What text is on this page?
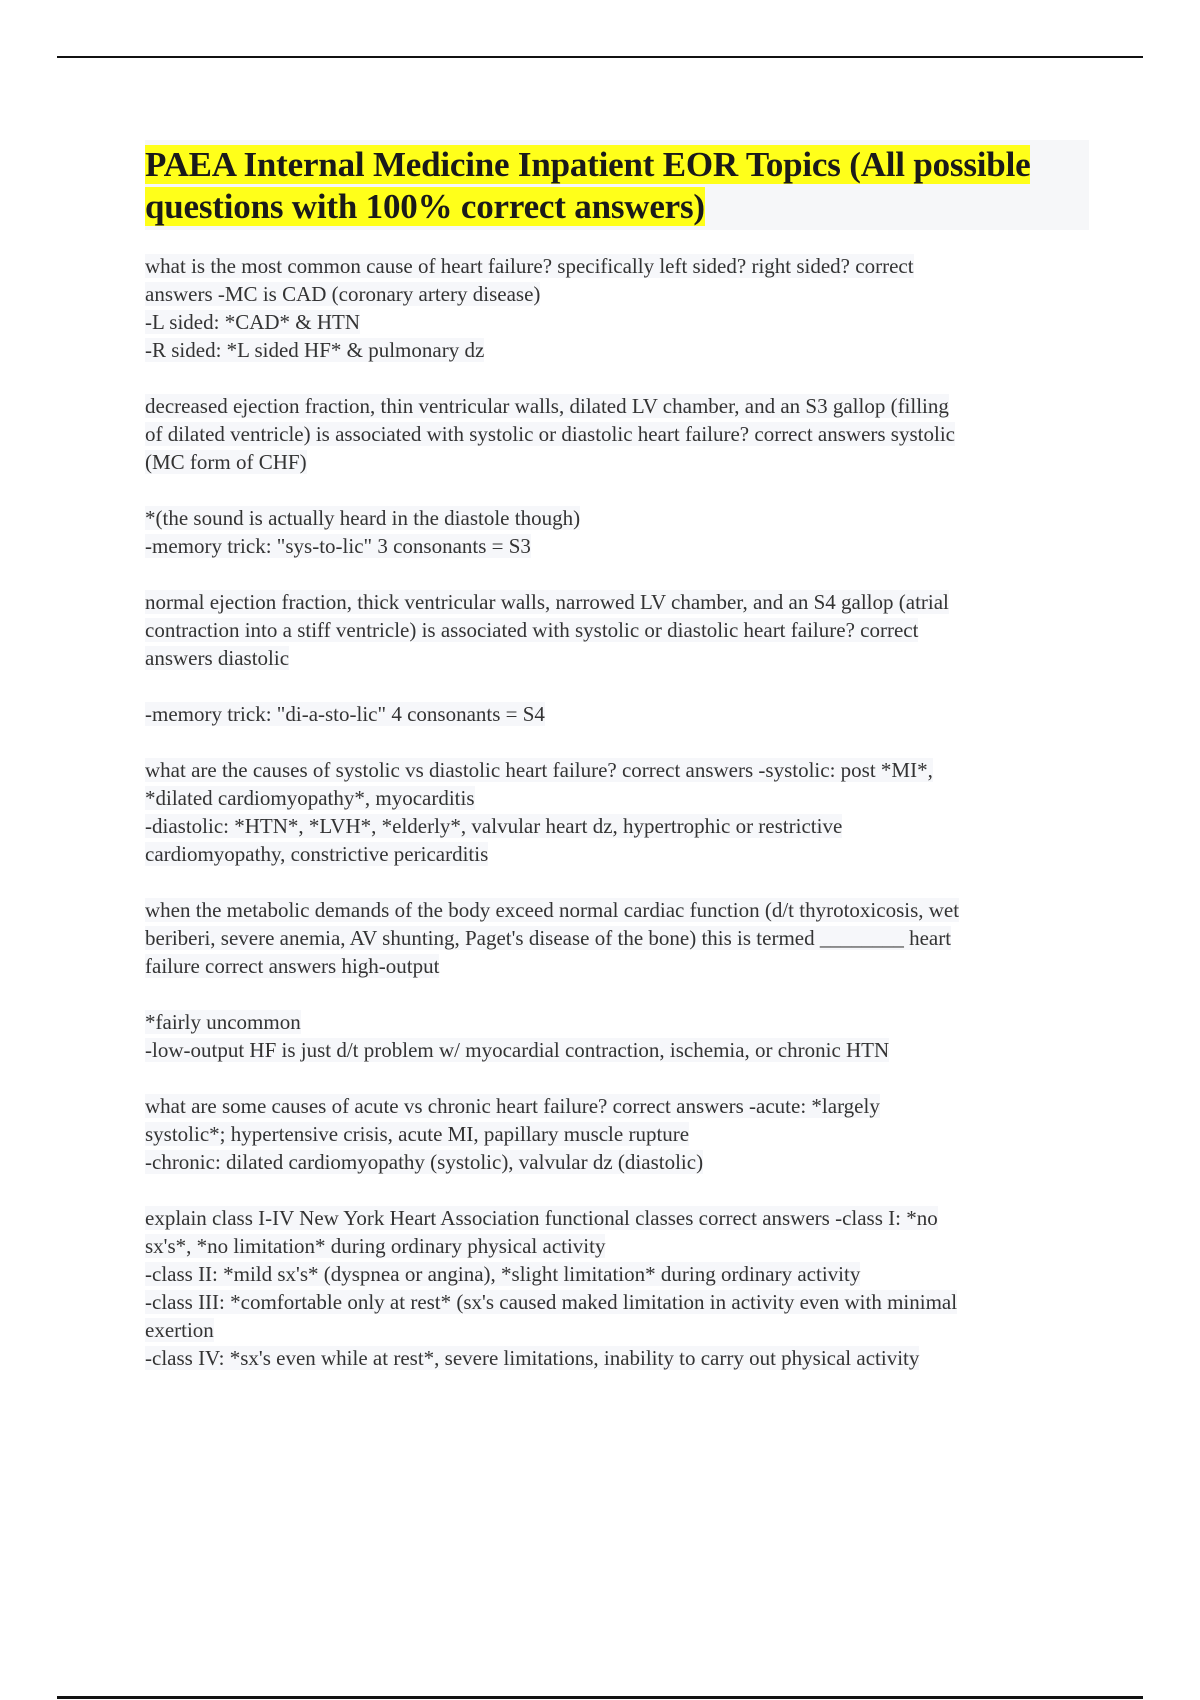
PAEA Internal Medicine Inpatient EOR Topics (All possible
questions with 100% correct answers)
what is the most common cause of heart failure? specifically left sided? right sided? correct
answers -MC is CAD (coronary artery disease)
-L sided: *CAD* & HTN
-R sided: *L sided HF* & pulmonary dz
decreased ejection fraction, thin ventricular walls, dilated LV chamber, and an S3 gallop (filling
of dilated ventricle) is associated with systolic or diastolic heart failure? correct answers systolic
(MC form of CHF)
*(the sound is actually heard in the diastole though)
-memory trick: "sys-to-lic" 3 consonants = S3
normal ejection fraction, thick ventricular walls, narrowed LV chamber, and an S4 gallop (atrial
contraction into a stiff ventricle) is associated with systolic or diastolic heart failure? correct
answers diastolic
-memory trick: "di-a-sto-lic" 4 consonants = S4
what are the causes of systolic vs diastolic heart failure? correct answers -systolic: post *MI*,
*dilated cardiomyopathy*, myocarditis
-diastolic: *HTN*, *LVH*, *elderly*, valvular heart dz, hypertrophic or restrictive
cardiomyopathy, constrictive pericarditis
when the metabolic demands of the body exceed normal cardiac function (d/t thyrotoxicosis, wet
beriberi, severe anemia, AV shunting, Paget's disease of the bone) this is termed ________ heart
failure correct answers high-output
*fairly uncommon
-low-output HF is just d/t problem w/ myocardial contraction, ischemia, or chronic HTN
what are some causes of acute vs chronic heart failure? correct answers -acute: *largely
systolic*; hypertensive crisis, acute MI, papillary muscle rupture
-chronic: dilated cardiomyopathy (systolic), valvular dz (diastolic)
explain class I-IV New York Heart Association functional classes correct answers -class I: *no
sx's*, *no limitation* during ordinary physical activity
-class II: *mild sx's* (dyspnea or angina), *slight limitation* during ordinary activity
-class III: *comfortable only at rest* (sx's caused maked limitation in activity even with minimal
exertion
-class IV: *sx's even while at rest*, severe limitations, inability to carry out physical activity
